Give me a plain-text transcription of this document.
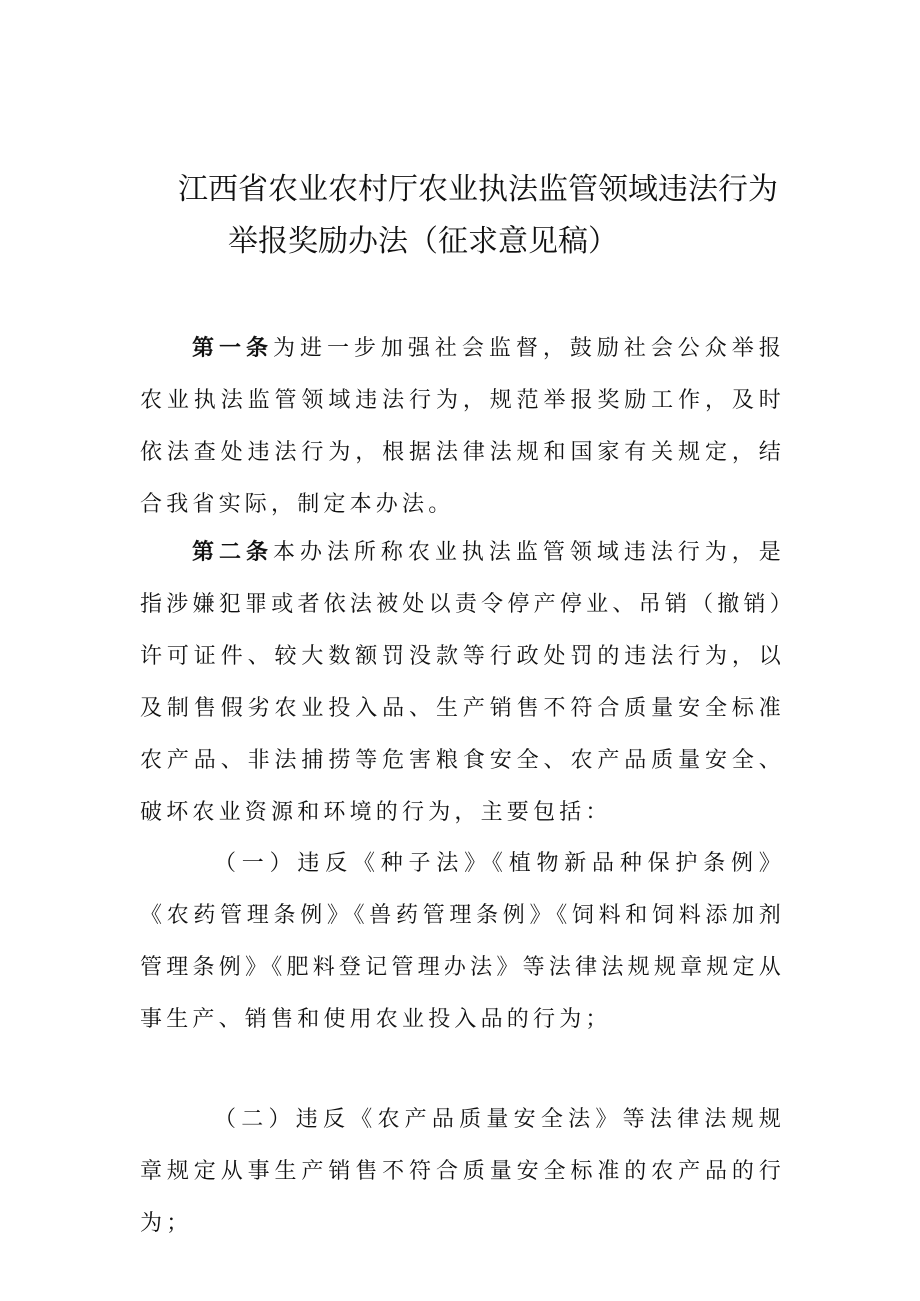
江西省农业农村厅农业执法监管领域违法行为
举报奖励办法（征求意见稿）
第一条为进一步加强社会监督，鼓励社会公众举报农业执法监管领域违法行为，规范举报奖励工作，及时依法查处违法行为，根据法律法规和国家有关规定，结合我省实际，制定本办法。
第二条本办法所称农业执法监管领域违法行为，是指涉嫌犯罪或者依法被处以责令停产停业、吊销（撤销）许可证件、较大数额罚没款等行政处罚的违法行为，以及制售假劣农业投入品、生产销售不符合质量安全标准农产品、非法捕捞等危害粮食安全、农产品质量安全、破坏农业资源和环境的行为，主要包括：
（一）违反《种子法》《植物新品种保护条例》《农药管理条例》《兽药管理条例》《饲料和饲料添加剂管理条例》《肥料登记管理办法》等法律法规规章规定从事生产、销售和使用农业投入品的行为；
（二）违反《农产品质量安全法》等法律法规规章规定从事生产销售不符合质量安全标准的农产品的行为；
